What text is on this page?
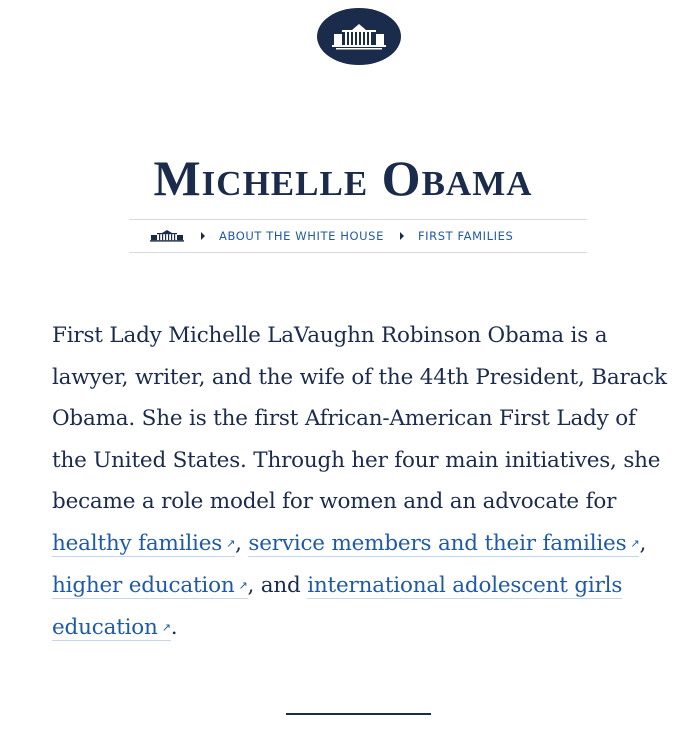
Michelle Obama
ABOUT THE WHITE HOUSE	FIRST FAMILIES

First Lady Michelle LaVaughn Robinson Obama is a lawyer, writer, and the wife of the 44th President, Barack Obama. She is the first African-American First Lady of the United States. Through her four main initiatives, she became a role model for women and an advocate for healthy families ↗, service members and their families ↗, higher education ↗, and international adolescent girls education ↗.
